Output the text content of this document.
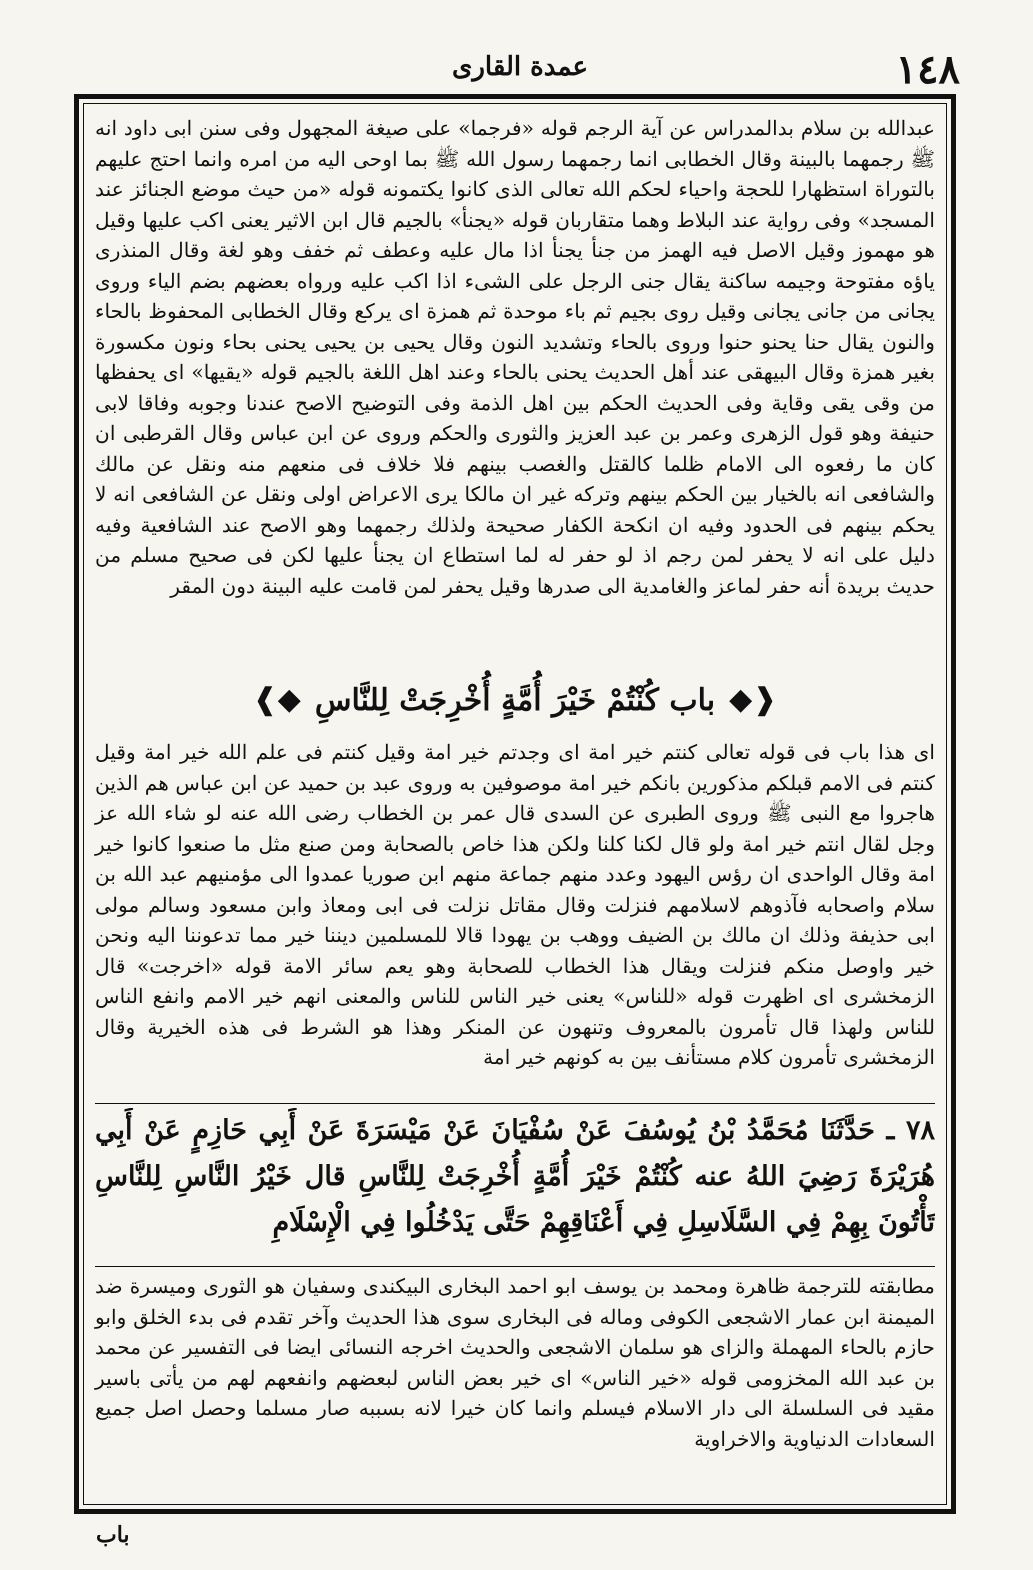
١٤٨
عمدة القارى

عبدالله بن سلام بدالمدراس عن آية الرجم قوله «فرجما» على صيغة المجهول وفى سنن ابى داود انه ﷺ رجمهما بالبينة وقال الخطابى انما رجمهما رسول الله ﷺ بما اوحى اليه من امره وانما احتج عليهم بالتوراة استظهارا للحجة واحياء لحكم الله تعالى الذى كانوا يكتمونه قوله «من حيث موضع الجنائز عند المسجد» وفى رواية عند البلاط وهما متقاربان قوله «يجنأ» بالجيم قال ابن الاثير يعنى اكب عليها وقيل هو مهموز وقيل الاصل فيه الهمز من جنأ يجنأ اذا مال عليه وعطف ثم خفف وهو لغة وقال المنذرى ياؤه مفتوحة وجيمه ساكنة يقال جنى الرجل على الشىء اذا اكب عليه ورواه بعضهم بضم الياء وروى يجانى من جانى يجانى وقيل روى بجيم ثم باء موحدة ثم همزة اى يركع وقال الخطابى المحفوظ بالحاء والنون يقال حنا يحنو حنوا وروى بالحاء وتشديد النون وقال يحيى بن يحيى يحنى بحاء ونون مكسورة بغير همزة وقال البيهقى عند أهل الحديث يحنى بالحاء وعند اهل اللغة بالجيم قوله «يقيها» اى يحفظها من وقى يقى وقاية وفى الحديث الحكم بين اهل الذمة وفى التوضيح الاصح عندنا وجوبه وفاقا لابى حنيفة وهو قول الزهرى وعمر بن عبد العزيز والثورى والحكم وروى عن ابن عباس وقال القرطبى ان كان ما رفعوه الى الامام ظلما كالقتل والغصب بينهم فلا خلاف فى منعهم منه ونقل عن مالك والشافعى انه بالخيار بين الحكم بينهم وتركه غير ان مالكا يرى الاعراض اولى ونقل عن الشافعى انه لا يحكم بينهم فى الحدود وفيه ان انكحة الكفار صحيحة ولذلك رجمهما وهو الاصح عند الشافعية وفيه دليل على انه لا يحفر لمن رجم اذ لو حفر له لما استطاع ان يجنأ عليها لكن فى صحيح مسلم من حديث بريدة أنه حفر لماعز والغامدية الى صدرها وقيل يحفر لمن قامت عليه البينة دون المقر

❰◆
باب كُنْتُمْ خَيْرَ أُمَّةٍ أُخْرِجَتْ لِلنَّاسِ
◆❱

اى هذا باب فى قوله تعالى كنتم خير امة اى وجدتم خير امة وقيل كنتم فى علم الله خير امة وقيل كنتم فى الامم قبلكم مذكورين بانكم خير امة موصوفين به وروى عبد بن حميد عن ابن عباس هم الذين هاجروا مع النبى ﷺ وروى الطبرى عن السدى قال عمر بن الخطاب رضى الله عنه لو شاء الله عز وجل لقال انتم خير امة ولو قال لكنا كلنا ولكن هذا خاص بالصحابة ومن صنع مثل ما صنعوا كانوا خير امة وقال الواحدى ان رؤس اليهود وعدد منهم جماعة منهم ابن صوريا عمدوا الى مؤمنيهم عبد الله بن سلام واصحابه فآذوهم لاسلامهم فنزلت وقال مقاتل نزلت فى ابى ومعاذ وابن مسعود وسالم مولى ابى حذيفة وذلك ان مالك بن الضيف ووهب بن يهودا قالا للمسلمين ديننا خير مما تدعوننا اليه ونحن خير واوصل منكم فنزلت ويقال هذا الخطاب للصحابة وهو يعم سائر الامة قوله «اخرجت» قال الزمخشرى اى اظهرت قوله «للناس» يعنى خير الناس للناس والمعنى انهم خير الامم وانفع الناس للناس ولهذا قال تأمرون بالمعروف وتنهون عن المنكر وهذا هو الشرط فى هذه الخيرية وقال الزمخشرى تأمرون كلام مستأنف بين به كونهم خير امة

٧٨ ـ حَدَّثَنَا مُحَمَّدُ بْنُ يُوسُفَ عَنْ سُفْيَانَ عَنْ مَيْسَرَةَ عَنْ أَبِي حَازِمٍ عَنْ أَبِي هُرَيْرَةَ رَضِيَ اللهُ عنه كُنْتُمْ خَيْرَ أُمَّةٍ أُخْرِجَتْ لِلنَّاسِ قال خَيْرُ النَّاسِ لِلنَّاسِ تَأْتُونَ بِهِمْ فِي السَّلَاسِلِ فِي أَعْنَاقِهِمْ حَتَّى يَدْخُلُوا فِي الْإِسْلَامِ

مطابقته للترجمة ظاهرة ومحمد بن يوسف ابو احمد البخارى البيكندى وسفيان هو الثورى وميسرة ضد الميمنة ابن عمار الاشجعى الكوفى وماله فى البخارى سوى هذا الحديث وآخر تقدم فى بدء الخلق وابو حازم بالحاء المهملة والزاى هو سلمان الاشجعى والحديث اخرجه النسائى ايضا فى التفسير عن محمد بن عبد الله المخزومى قوله «خير الناس» اى خير بعض الناس لبعضهم وانفعهم لهم من يأتى باسير مقيد فى السلسلة الى دار الاسلام فيسلم وانما كان خيرا لانه بسببه صار مسلما وحصل اصل جميع السعادات الدنياوية والاخراوية

باب
